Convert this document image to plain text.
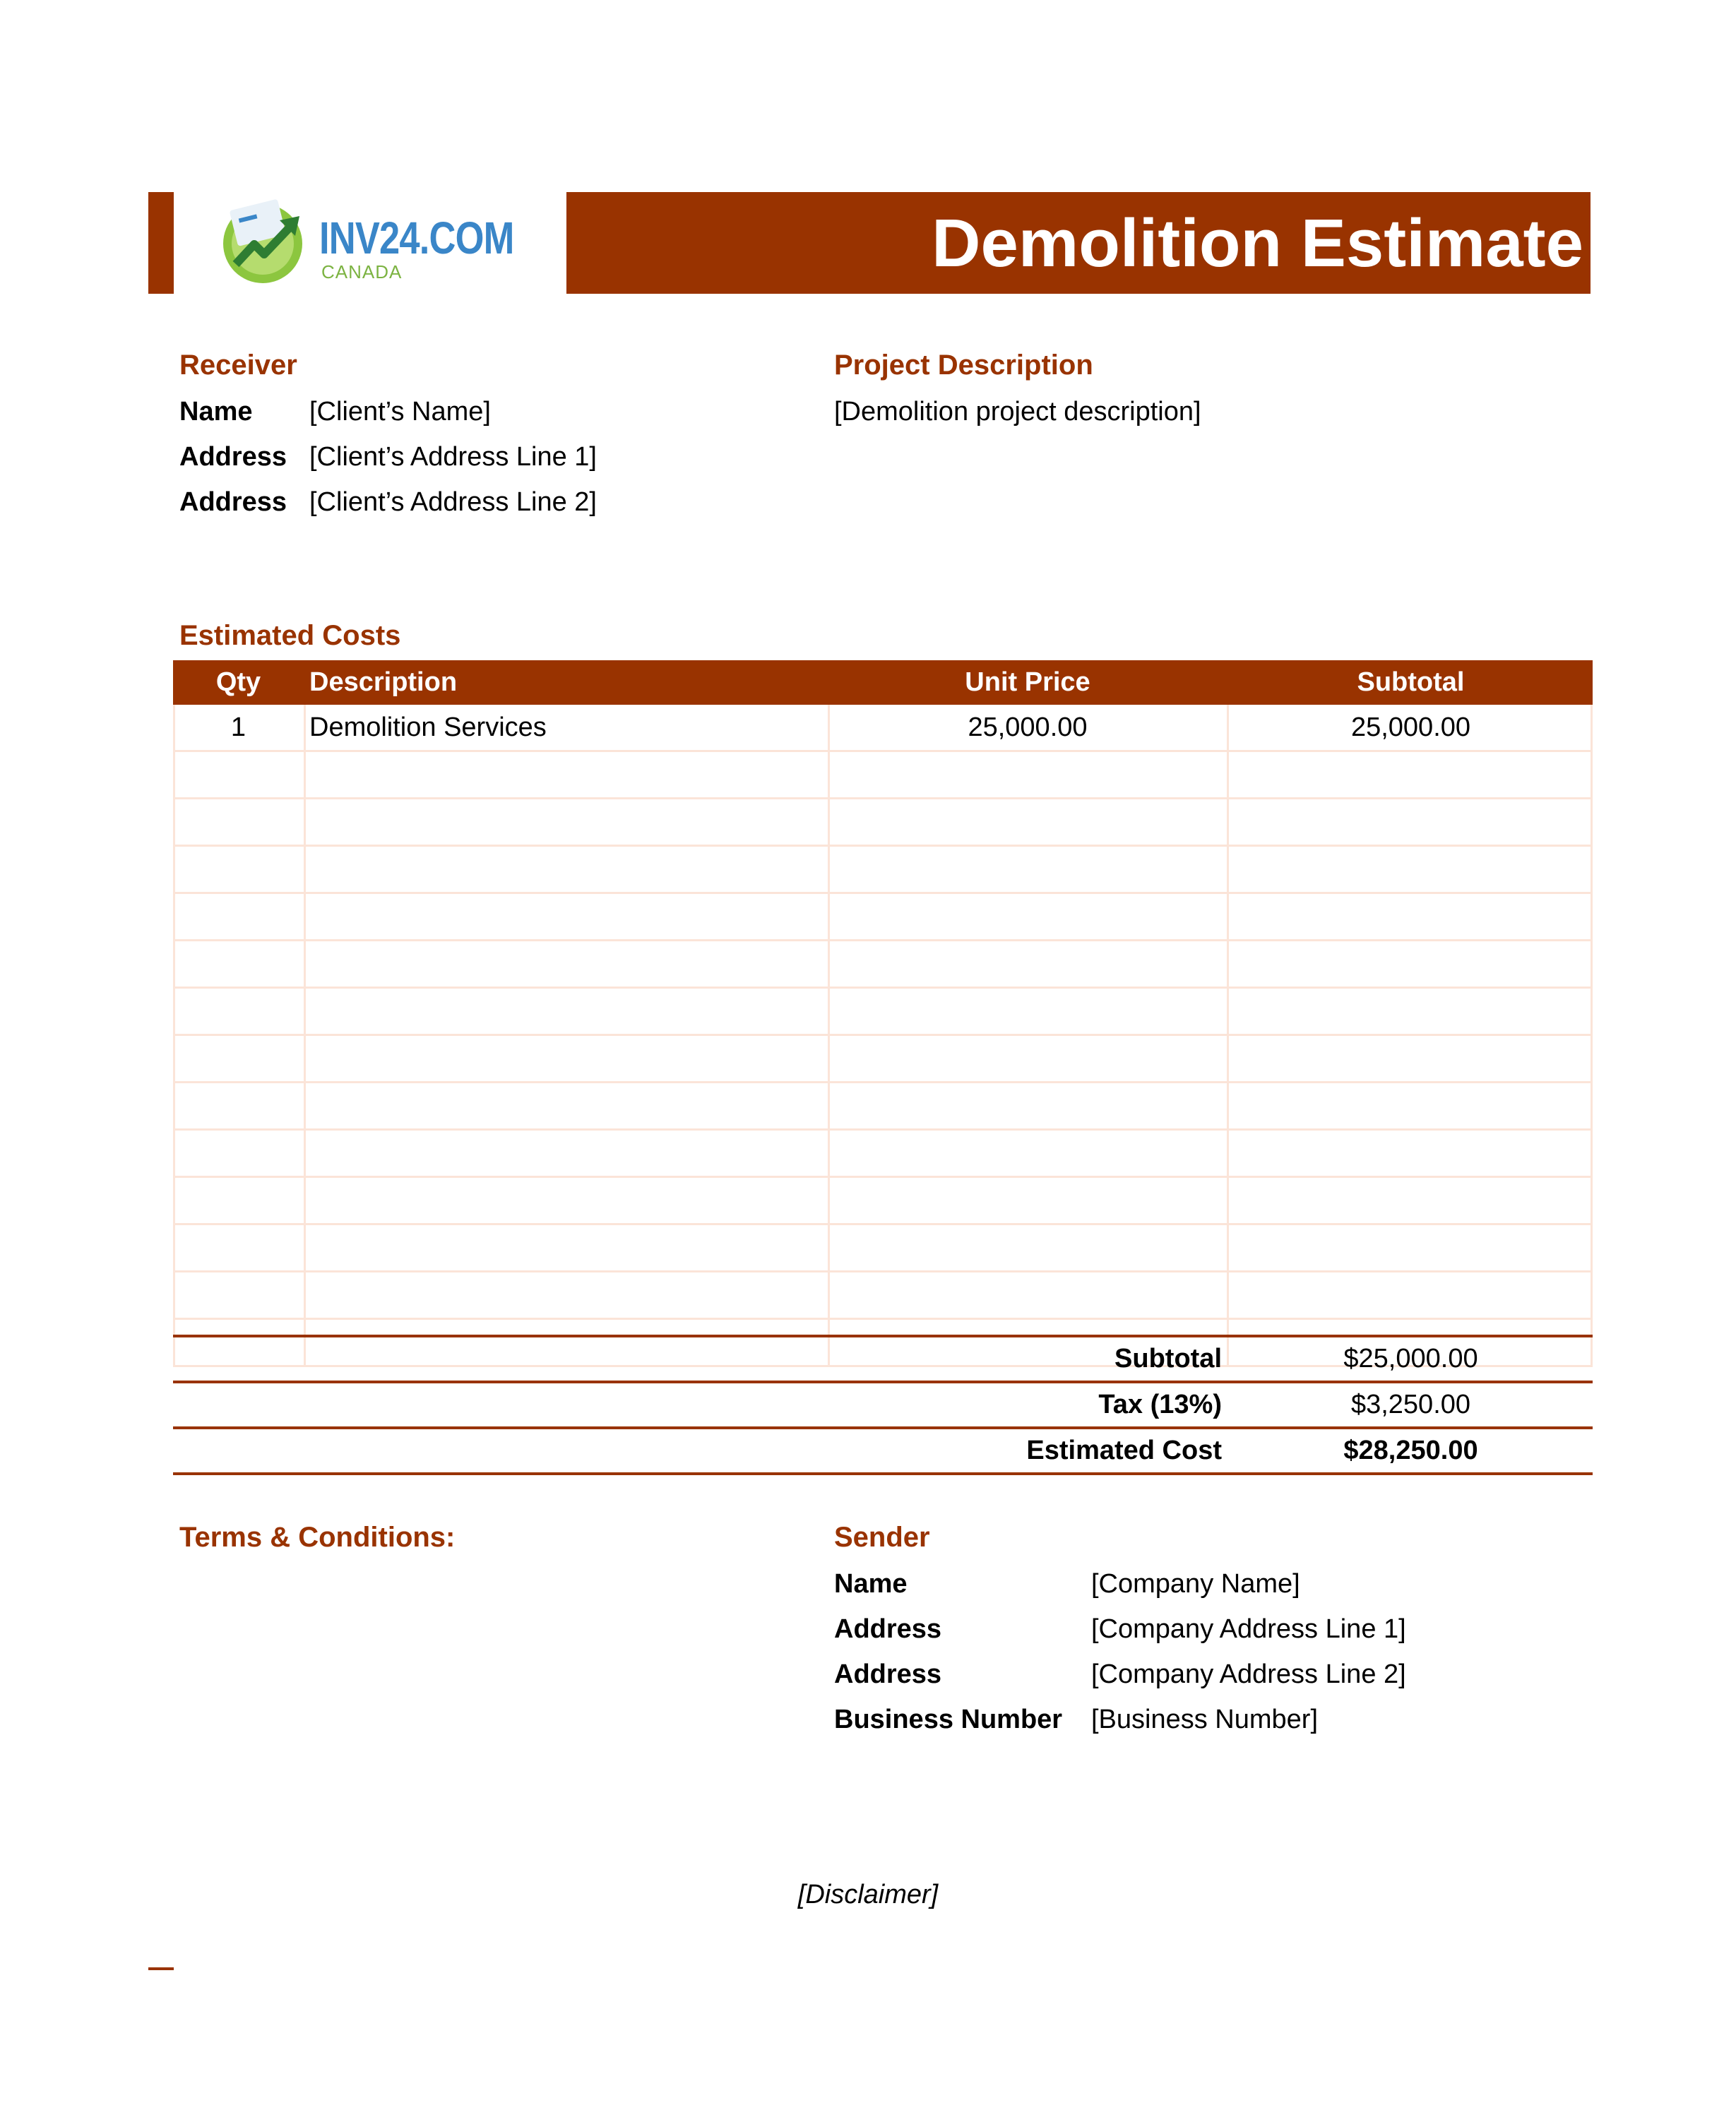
INV24.COM
CANADA	Demolition Estimate
Receiver
Name [Client’s Name]
Address [Client’s Address Line 1]
Address [Client’s Address Line 2]
Project Description
[Demolition project description]
Estimated Costs
Qty	Description	Unit Price	Subtotal
1	Demolition Services	25,000.00	25,000.00
Subtotal	$25,000.00
Tax (13%)	$3,250.00
Estimated Cost	$28,250.00
Terms & Conditions:	Sender
Name	[Company Name]
Address	[Company Address Line 1]
Address	[Company Address Line 2]
Business Number [Business Number]
[Disclaimer]
